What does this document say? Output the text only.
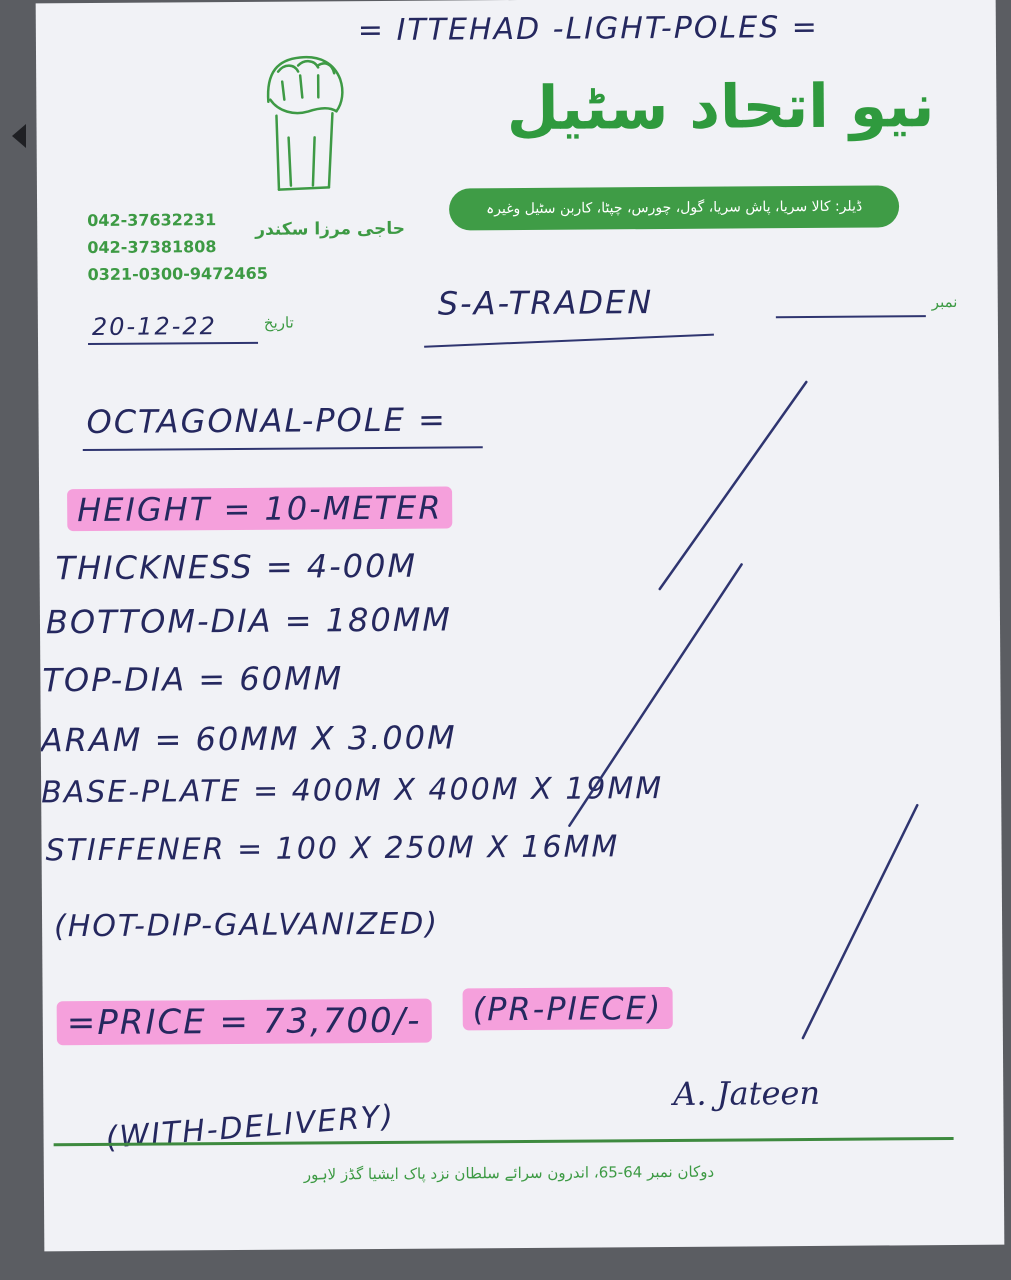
= ITTEHAD -LIGHT-POLES =
نیو اتحاد سٹیل
ڈیلر: کالا سریا، پاش سریا، گول، چورس، چپٹا، کاربن سٹیل وغیرہ
042-37632231
042-37381808
0321-0300-9472465
حاجی مرزا سکندر
نمبر
S-A-TRADEN
20-12-22	تاریخ
OCTAGONAL-POLE =
HEIGHT = 10-METER
THICKNESS = 4-00M
BOTTOM-DIA = 180MM
TOP-DIA = 60MM
ARAM = 60MM X 3.00M
BASE-PLATE = 400M X 400M X 19MM
STIFFENER = 100 X 250M X 16MM
(HOT-DIP-GALVANIZED)
=PRICE = 73,700/-	(PR-PIECE)
(WITH-DELIVERY)
A. Jateen
دوکان نمبر 64-65، اندرون سرائے سلطان نزد پاک ایشیا گڈز لاہور
